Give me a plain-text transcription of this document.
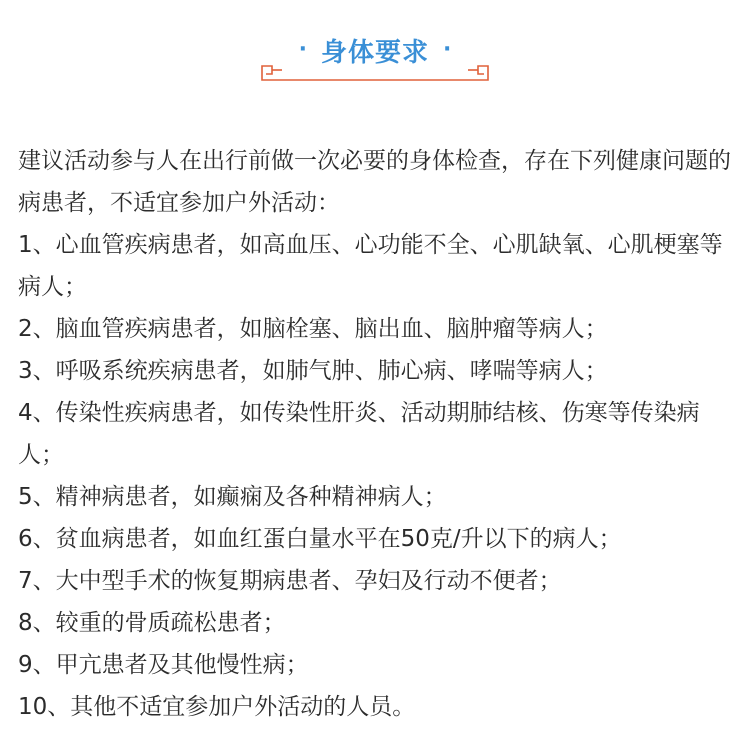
· 身体要求 ·

建议活动参与人在出行前做一次必要的身体检查，存在下列健康问题的病患者，不适宜参加户外活动：

1、心血管疾病患者，如高血压、心功能不全、心肌缺氧、心肌梗塞等病人；
2、脑血管疾病患者，如脑栓塞、脑出血、脑肿瘤等病人；
3、呼吸系统疾病患者，如肺气肿、肺心病、哮喘等病人；
4、传染性疾病患者，如传染性肝炎、活动期肺结核、伤寒等传染病人；
5、精神病患者，如癫痫及各种精神病人；
6、贫血病患者，如血红蛋白量水平在50克/升以下的病人；
7、大中型手术的恢复期病患者、孕妇及行动不便者；
8、较重的骨质疏松患者；
9、甲亢患者及其他慢性病；
10、其他不适宜参加户外活动的人员。
